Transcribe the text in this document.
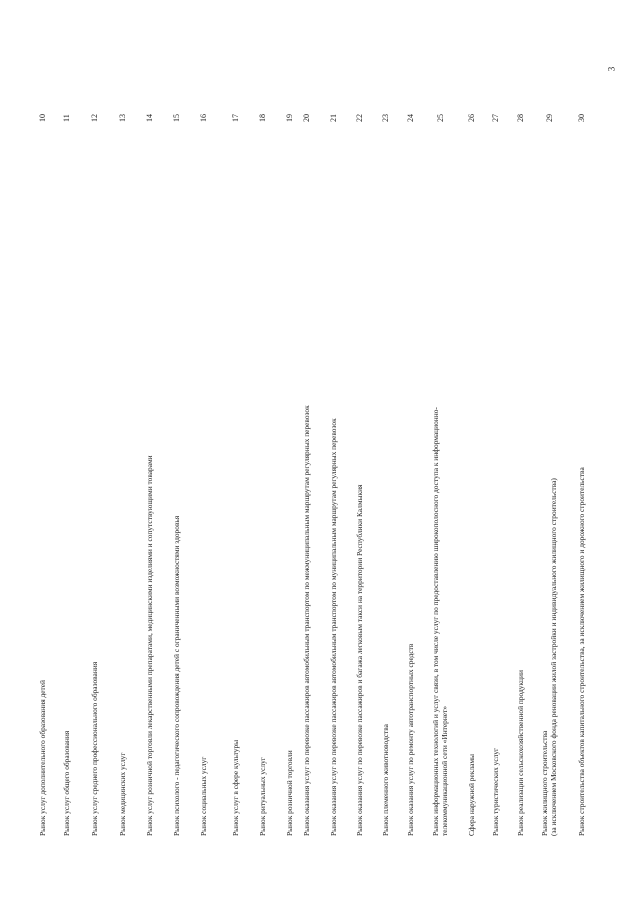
3
Рынок услуг дополнительного образования детей
10
Рынок услуг общего образования
11
Рынок услуг среднего профессионального образования
12
Рынок медицинских услуг
13
Рынок услуг розничной торговли лекарственными препаратами, медицинскими изделиями и сопутствующими товарами
14
Рынок психолого - педагогического сопровождения детей с ограниченными возможностями здоровья
15
Рынок социальных услуг
16
Рынок услуг в сфере культуры
17
Рынок ритуальных услуг
18
Рынок розничной торговли
19
Рынок оказания услуг по перевозке пассажиров автомобильным транспортом по межмуниципальным маршрутам регулярных перевозок
20
Рынок оказания услуг по перевозке пассажиров автомобильным транспортом по муниципальным маршрутам регулярных перевозок
21
Рынок оказания услуг по перевозке пассажиров и багажа легковым такси на территории Республики Калмыкия
22
Рынок племенного животноводства
23
Рынок оказания услуг по ремонту автотранспортных средств
24
Рынок информационных технологий и услуг связи, в том числе услуг по предоставлению широкополосного доступа к информационно- телекоммуникационной сети «Интернет»
25
Сфера наружной рекламы
26
Рынок туристических услуг
27
Рынок реализации сельскохозяйственной продукции
28
Рынок жилищного строительства (за исключением Московского фонда реновации жилой застройки и индивидуального жилищного строительства)
29
Рынок строительства объектов капитального строительства, за исключением жилищного и дорожного строительства
30
